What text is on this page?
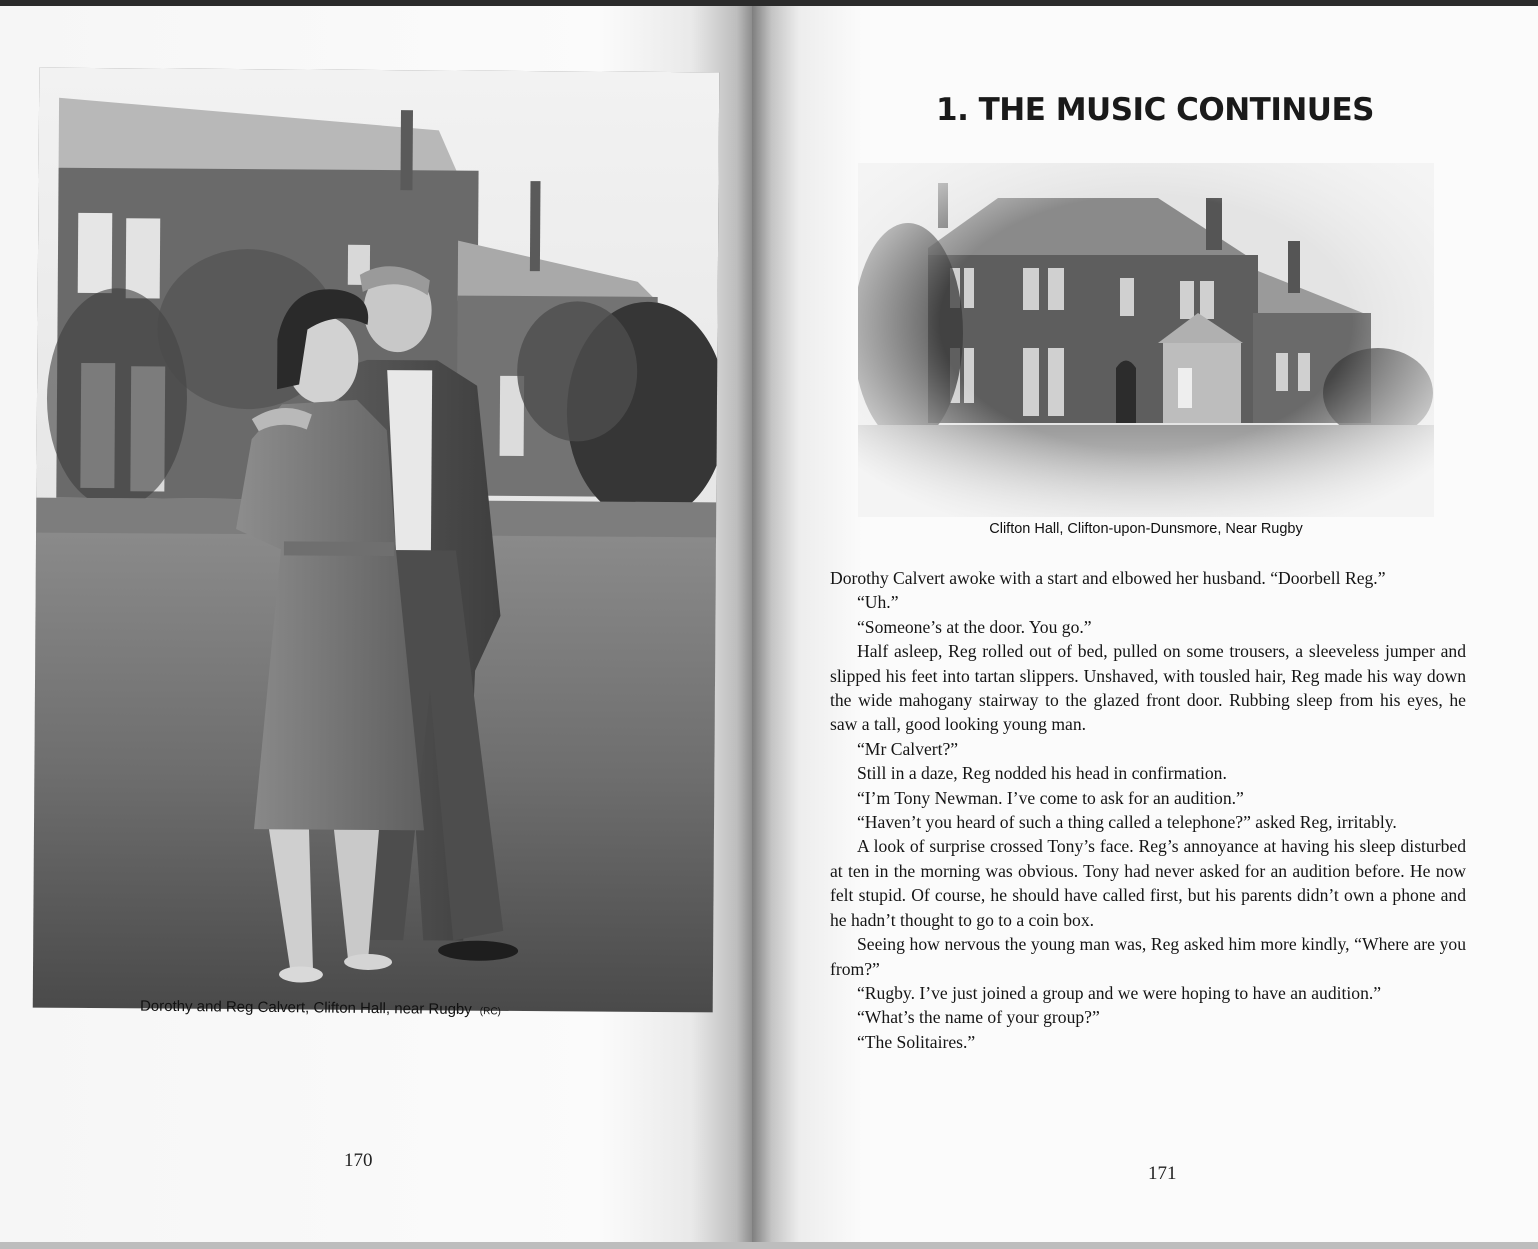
Dorothy and Reg Calvert, Clifton Hall, near Rugby (RC)
170
1. THE MUSIC CONTINUES
Clifton Hall, Clifton-upon-Dunsmore, Near Rugby

Dorothy Calvert awoke with a start and elbowed her husband. “Doorbell Reg.”

“Uh.”

“Someone’s at the door. You go.”

Half asleep, Reg rolled out of bed, pulled on some trousers, a sleeveless jumper and slipped his feet into tartan slippers. Unshaved, with tousled hair, Reg made his way down the wide mahogany stairway to the glazed front door. Rubbing sleep from his eyes, he saw a tall, good looking young man.

“Mr Calvert?”

Still in a daze, Reg nodded his head in confirmation.

“I’m Tony Newman. I’ve come to ask for an audition.”

“Haven’t you heard of such a thing called a telephone?” asked Reg, irritably.

A look of surprise crossed Tony’s face. Reg’s annoyance at having his sleep disturbed at ten in the morning was obvious. Tony had never asked for an audition before. He now felt stupid. Of course, he should have called first, but his parents didn’t own a phone and he hadn’t thought to go to a coin box.

Seeing how nervous the young man was, Reg asked him more kindly, “Where are you from?”

“Rugby. I’ve just joined a group and we were hoping to have an audition.”

“What’s the name of your group?”

“The Solitaires.”

171
